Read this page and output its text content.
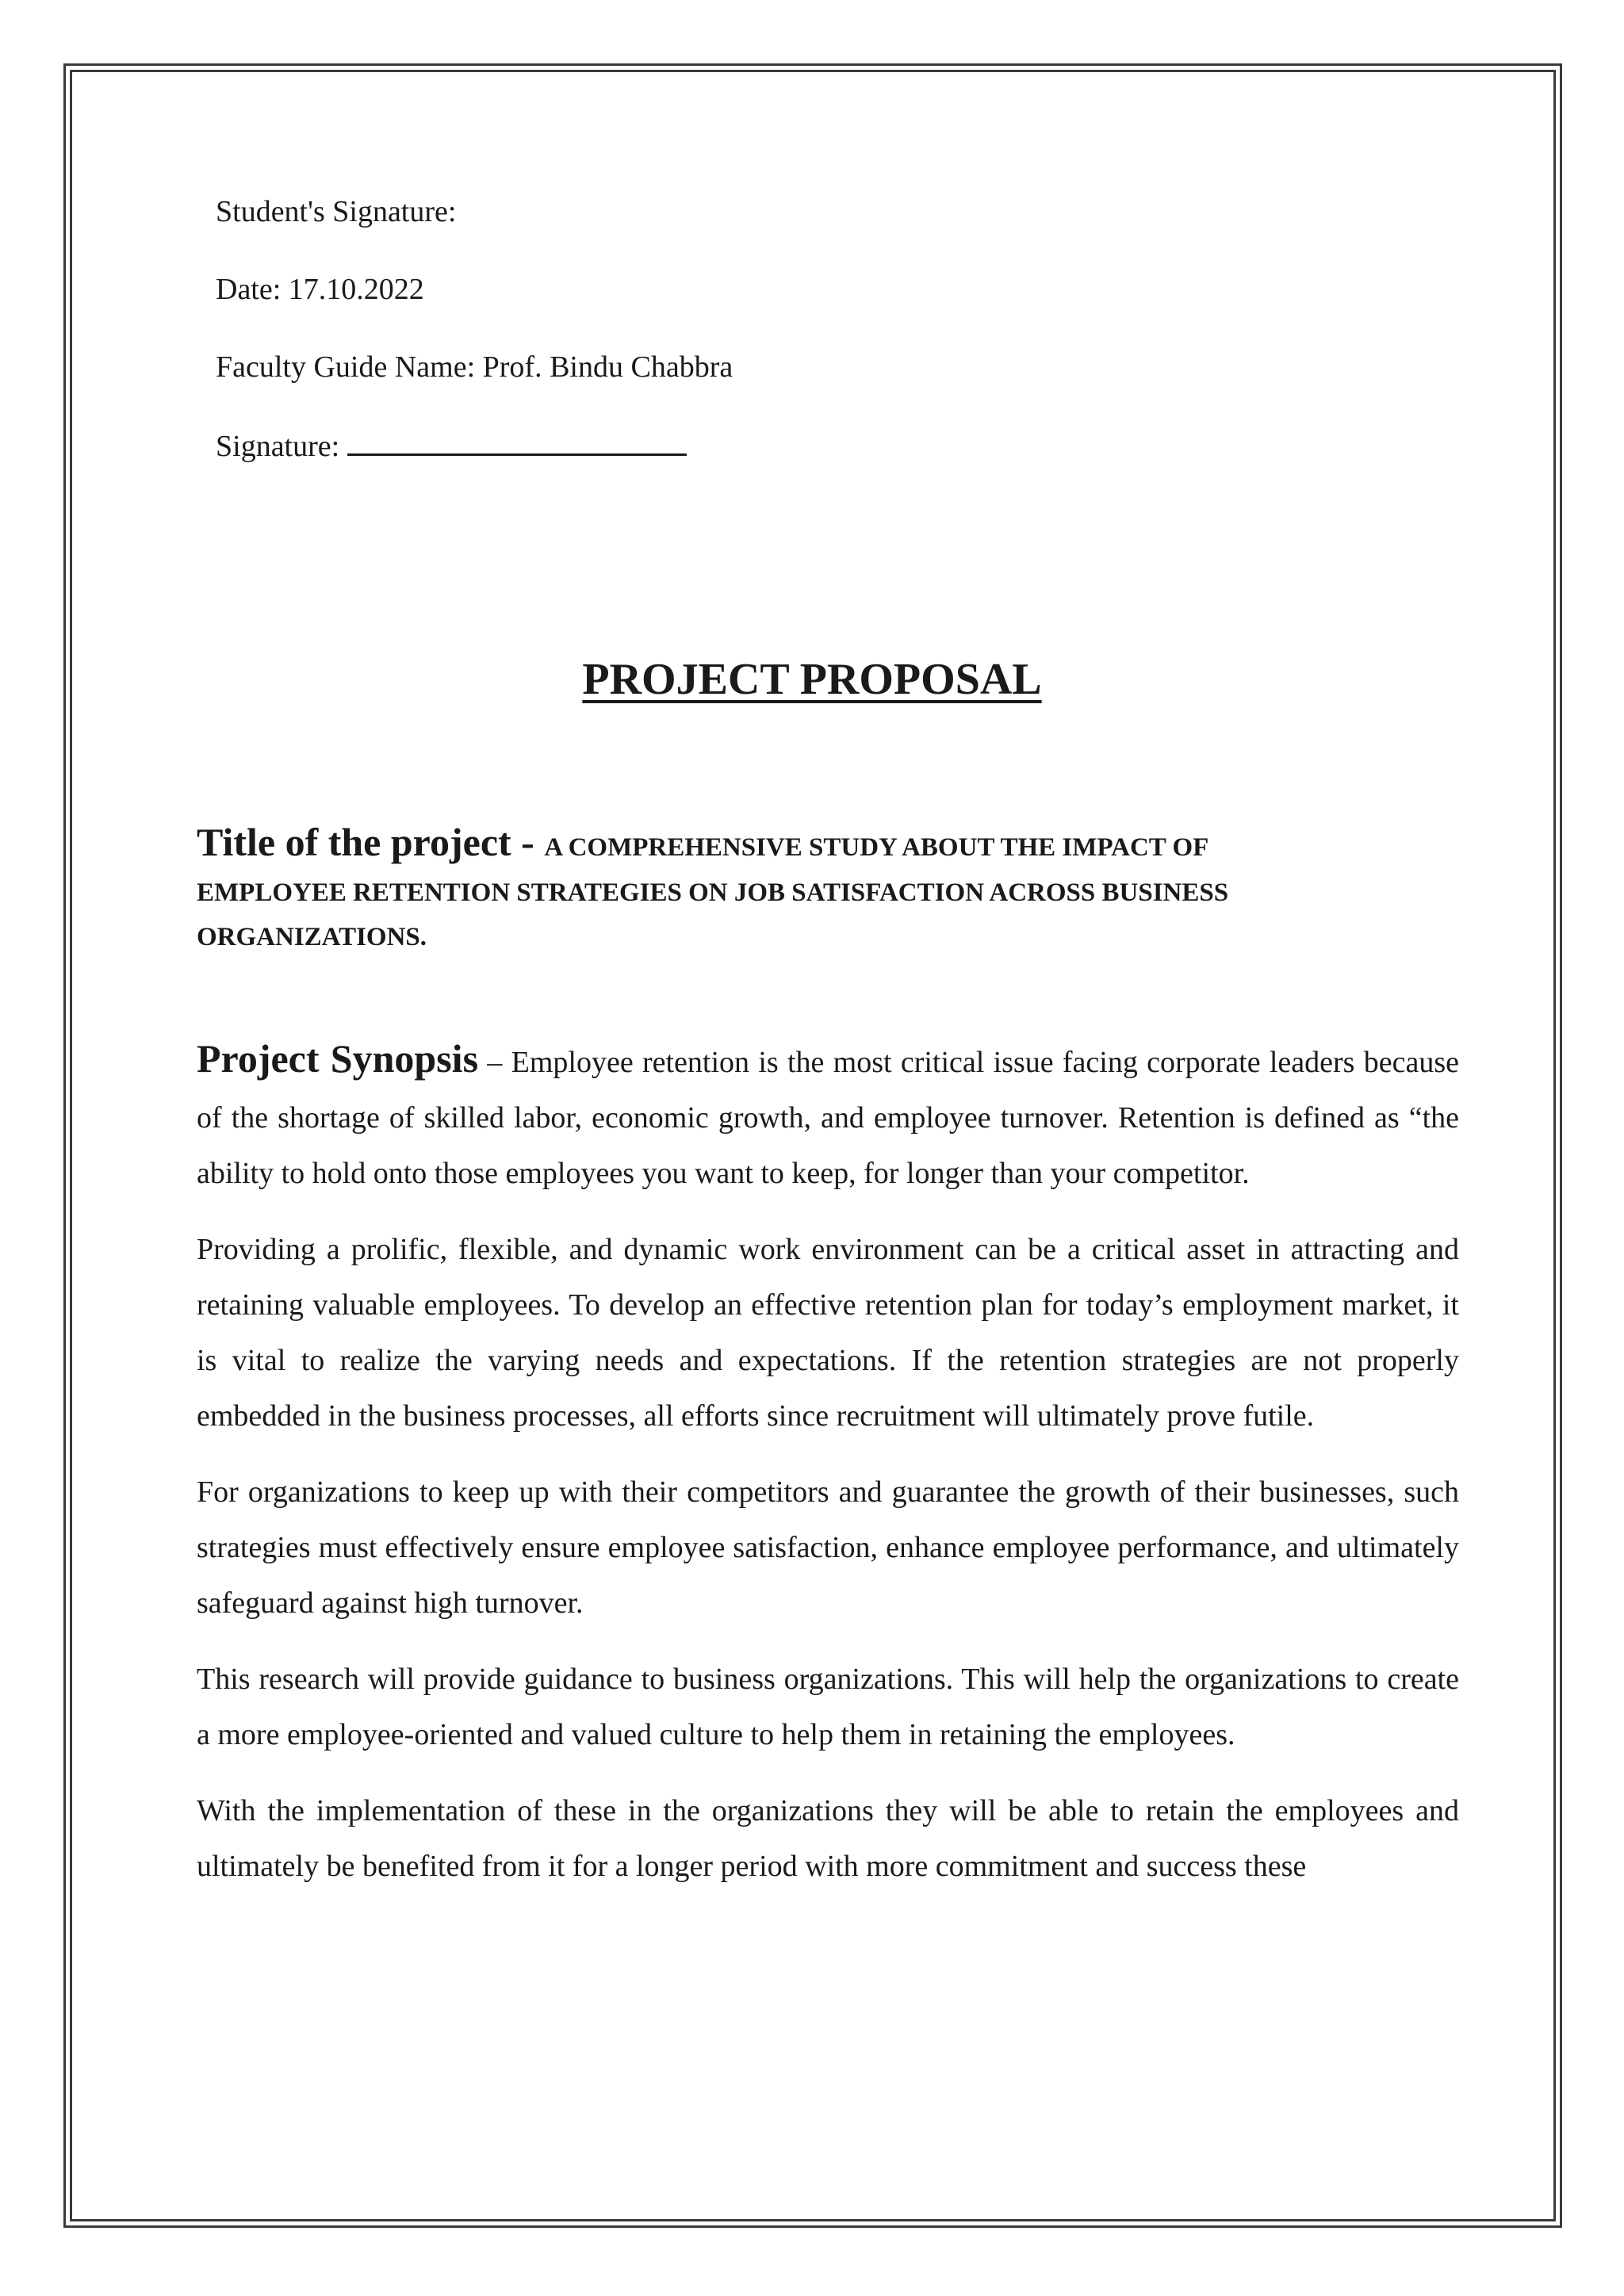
Student's Signature:

Date: 17.10.2022

Faculty Guide Name: Prof. Bindu Chabbra

Signature:

PROJECT PROPOSAL
Title of the project - A COMPREHENSIVE STUDY ABOUT THE IMPACT OF
EMPLOYEE RETENTION STRATEGIES ON JOB SATISFACTION ACROSS BUSINESS
ORGANIZATIONS.

Project Synopsis – Employee retention is the most critical issue facing corporate leaders because of the shortage of skilled labor, economic growth, and employee turnover. Retention is defined as “the ability to hold onto those employees you want to keep, for longer than your competitor.

Providing a prolific, flexible, and dynamic work environment can be a critical asset in attracting and retaining valuable employees. To develop an effective retention plan for today’s employment market, it is vital to realize the varying needs and expectations. If the retention strategies are not properly embedded in the business processes, all efforts since recruitment will ultimately prove futile.

For organizations to keep up with their competitors and guarantee the growth of their businesses, such strategies must effectively ensure employee satisfaction, enhance employee performance, and ultimately safeguard against high turnover.

This research will provide guidance to business organizations. This will help the organizations to create a more employee-oriented and valued culture to help them in retaining the employees.

With the implementation of these in the organizations they will be able to retain the employees and ultimately be benefited from it for a longer period with more commitment and success these
